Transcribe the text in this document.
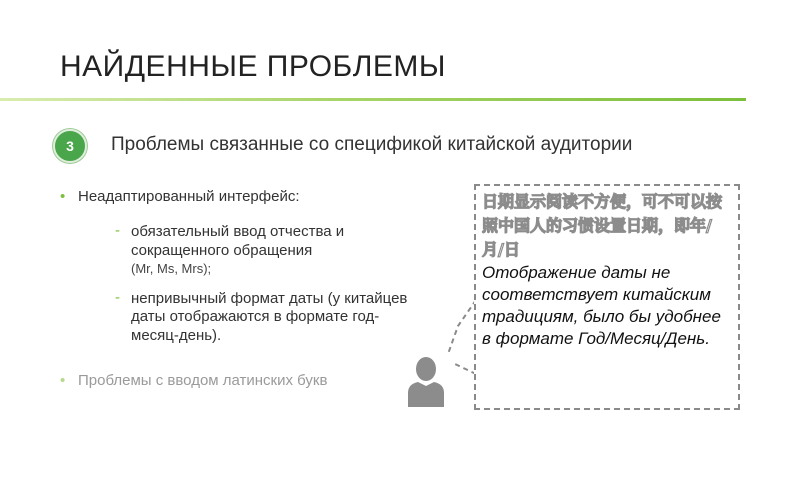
НАЙДЕННЫЕ ПРОБЛЕМЫ
3	Проблемы связанные со спецификой китайской аудитории
• Неадаптированный интерфейс:
- обязательный ввод отчества и сокращенного обращения
(Mr, Ms, Mrs);
- непривычный формат даты (у китайцев даты отображаются в формате год-месяц-день).
• Проблемы с вводом латинских букв
日期显示阅读不方便，可不可以按照中国人的习惯设置日期，即年/月/日
Отображение даты не соответствует китайским традициям, было бы удобнее в формате Год/Месяц/День.
